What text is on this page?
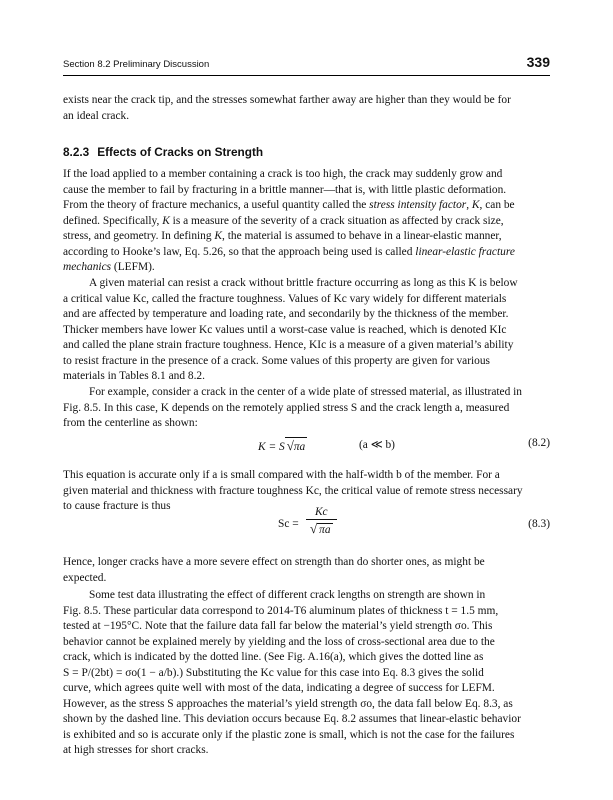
Section 8.2 Preliminary Discussion	339
exists near the crack tip, and the stresses somewhat farther away are higher than they would be for
an ideal crack.
8.2.3 Effects of Cracks on Strength
If the load applied to a member containing a crack is too high, the crack may suddenly grow and
cause the member to fail by fracturing in a brittle manner—that is, with little plastic deformation.
From the theory of fracture mechanics, a useful quantity called the stress intensity factor, K, can be
defined. Specifically, K is a measure of the severity of a crack situation as affected by crack size,
stress, and geometry. In defining K, the material is assumed to behave in a linear-elastic manner,
according to Hooke’s law, Eq. 5.26, so that the approach being used is called linear-elastic fracture
mechanics (LEFM).
A given material can resist a crack without brittle fracture occurring as long as this K is below
a critical value Kc, called the fracture toughness. Values of Kc vary widely for different materials
and are affected by temperature and loading rate, and secondarily by the thickness of the member.
Thicker members have lower Kc values until a worst-case value is reached, which is denoted KIc
and called the plane strain fracture toughness. Hence, KIc is a measure of a given material’s ability
to resist fracture in the presence of a crack. Some values of this property are given for various
materials in Tables 8.1 and 8.2.
For example, consider a crack in the center of a wide plate of stressed material, as illustrated in
Fig. 8.5. In this case, K depends on the remotely applied stress S and the crack length a, measured
from the centerline as shown:
K = S √πa	(a ≪ b)	(8.2)
This equation is accurate only if a is small compared with the half-width b of the member. For a
given material and thickness with fracture toughness Kc, the critical value of remote stress necessary
to cause fracture is thus
$Sc = \frac{Kc}{√ \pi a}$	(8.3)
Hence, longer cracks have a more severe effect on strength than do shorter ones, as might be
expected.
Some test data illustrating the effect of different crack lengths on strength are shown in
Fig. 8.5. These particular data correspond to 2014-T6 aluminum plates of thickness t = 1.5 mm,
tested at −195°C. Note that the failure data fall far below the material’s yield strength σo. This
behavior cannot be explained merely by yielding and the loss of cross-sectional area due to the
crack, which is indicated by the dotted line. (See Fig. A.16(a), which gives the dotted line as
S = P/(2bt) = σo(1 − a/b).) Substituting the Kc value for this case into Eq. 8.3 gives the solid
curve, which agrees quite well with most of the data, indicating a degree of success for LEFM.
However, as the stress S approaches the material’s yield strength σo, the data fall below Eq. 8.3, as
shown by the dashed line. This deviation occurs because Eq. 8.2 assumes that linear-elastic behavior
is exhibited and so is accurate only if the plastic zone is small, which is not the case for the failures
at high stresses for short cracks.
